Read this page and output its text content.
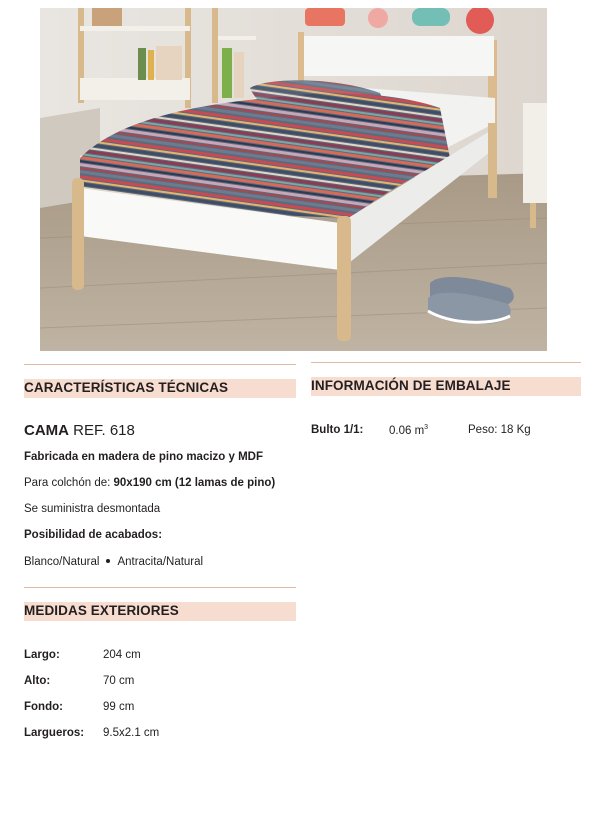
CARACTERÍSTICAS TÉCNICAS
CAMA REF. 618
Fabricada en madera de pino macizo y MDF
Para colchón de: 90x190 cm (12 lamas de pino)
Se suministra desmontada
Posibilidad de acabados:
Blanco/Natural Antracita/Natural
MEDIDAS EXTERIORES
Largo:	204 cm
Alto:	70 cm
Fondo:	99 cm
Largueros: 9.5x2.1 cm
INFORMACIÓN DE EMBALAJE
Bulto 1/1: 0.06 $m^3$	Peso: 18 Kg
